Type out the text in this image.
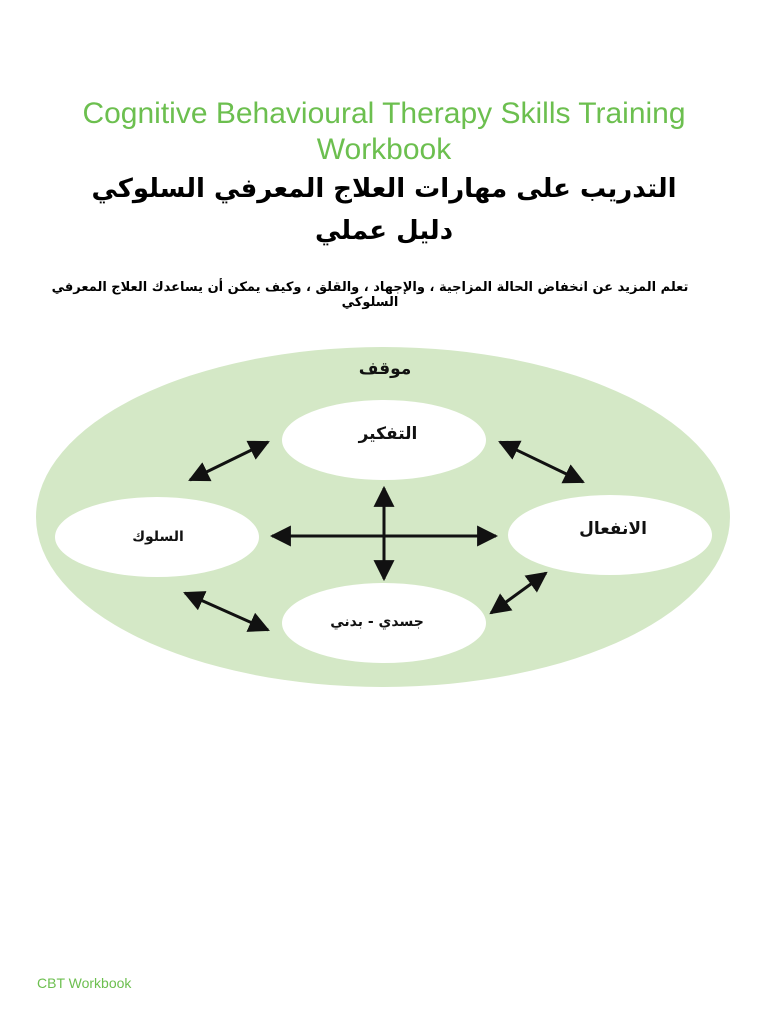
Cognitive Behavioural Therapy Skills Training Workbook
التدريب على مهارات العلاج المعرفي السلوكي
دليل عملي

تعلم المزيد عن انخفاض الحالة المزاجية ، والإجهاد ، والقلق ، وكيف يمكن أن يساعدك العلاج المعرفي السلوكي

موقف
التفكير
السلوك	الانفعال
جسدي - بدني
CBT Workbook
